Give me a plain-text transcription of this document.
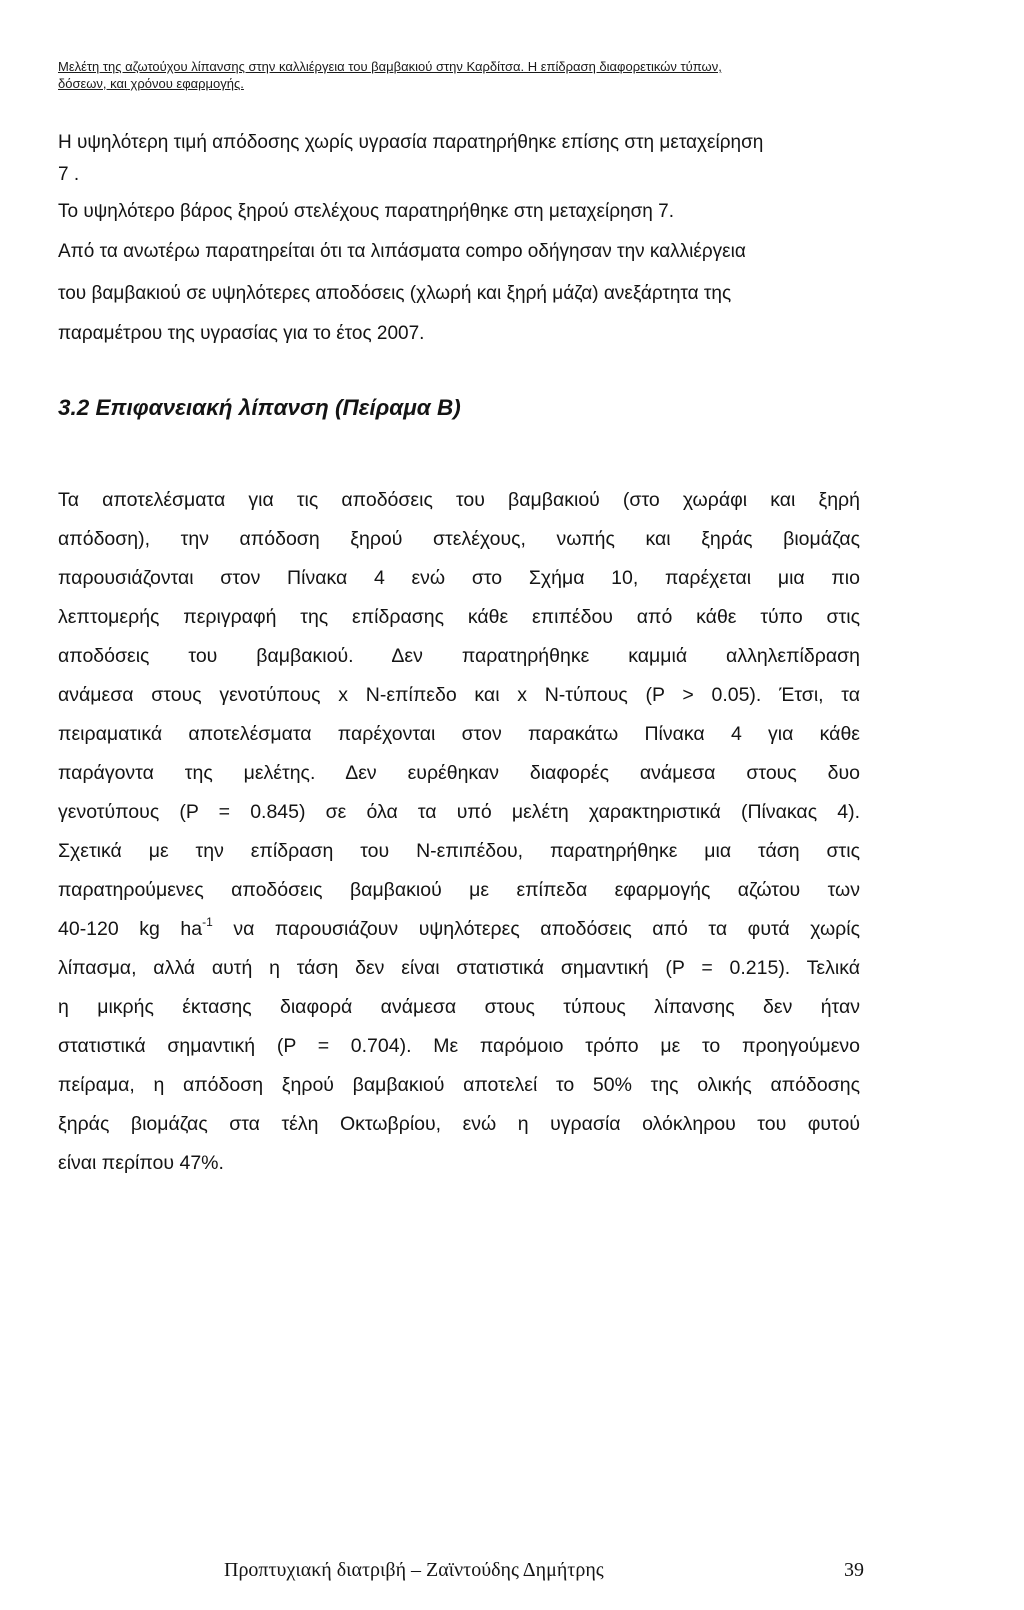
Μελέτη της αζωτούχου λίπανσης στην καλλιέργεια του βαμβακιού στην Καρδίτσα. Η επίδραση διαφορετικών τύπων,
δόσεων, και χρόνου εφαρμογής.

Η υψηλότερη τιμή απόδοσης χωρίς υγρασία παρατηρήθηκε επίσης στη μεταχείρηση

7 .

Το υψηλότερο βάρος ξηρού στελέχους παρατηρήθηκε στη μεταχείρηση 7.

Από τα ανωτέρω παρατηρείται ότι τα λιπάσματα compo οδήγησαν την καλλιέργεια

του βαμβακιού σε υψηλότερες αποδόσεις (χλωρή και ξηρή μάζα) ανεξάρτητα της

παραμέτρου της υγρασίας για το έτος 2007.

3.2 Επιφανειακή λίπανση (Πείραμα Β)

Τα αποτελέσματα για τις αποδόσεις του βαμβακιού (στο χωράφι και ξηρή

απόδοση), την απόδοση ξηρού στελέχους, νωπής και ξηράς βιομάζας

παρουσιάζονται στον Πίνακα 4 ενώ στο Σχήμα 10, παρέχεται μια πιο

λεπτομερής περιγραφή της επίδρασης κάθε επιπέδου από κάθε τύπο στις

αποδόσεις του βαμβακιού. Δεν παρατηρήθηκε καμμιά αλληλεπίδραση

ανάμεσα στους γενοτύπους x Ν-επίπεδο και x Ν-τύπους (P > 0.05). Έτσι, τα

πειραματικά αποτελέσματα παρέχονται στον παρακάτω Πίνακα 4 για κάθε

παράγοντα της μελέτης. Δεν ευρέθηκαν διαφορές ανάμεσα στους δυο

γενοτύπους (P = 0.845) σε όλα τα υπό μελέτη χαρακτηριστικά (Πίνακας 4).

Σχετικά με την επίδραση του Ν-επιπέδου, παρατηρήθηκε μια τάση στις

παρατηρούμενες αποδόσεις βαμβακιού με επίπεδα εφαρμογής αζώτου των

40-120 kg $ha^{-1}$ να παρουσιάζουν υψηλότερες αποδόσεις από τα φυτά χωρίς

λίπασμα, αλλά αυτή η τάση δεν είναι στατιστικά σημαντική (P = 0.215). Τελικά

η μικρής έκτασης διαφορά ανάμεσα στους τύπους λίπανσης δεν ήταν

στατιστικά σημαντική (P = 0.704). Με παρόμοιο τρόπο με το προηγούμενο

πείραμα, η απόδοση ξηρού βαμβακιού αποτελεί το 50% της ολικής απόδοσης

ξηράς βιομάζας στα τέλη Οκτωβρίου, ενώ η υγρασία ολόκληρου του φυτού

είναι περίπου 47%.

Προπτυχιακή διατριβή – Ζαϊντούδης Δημήτρης	39
